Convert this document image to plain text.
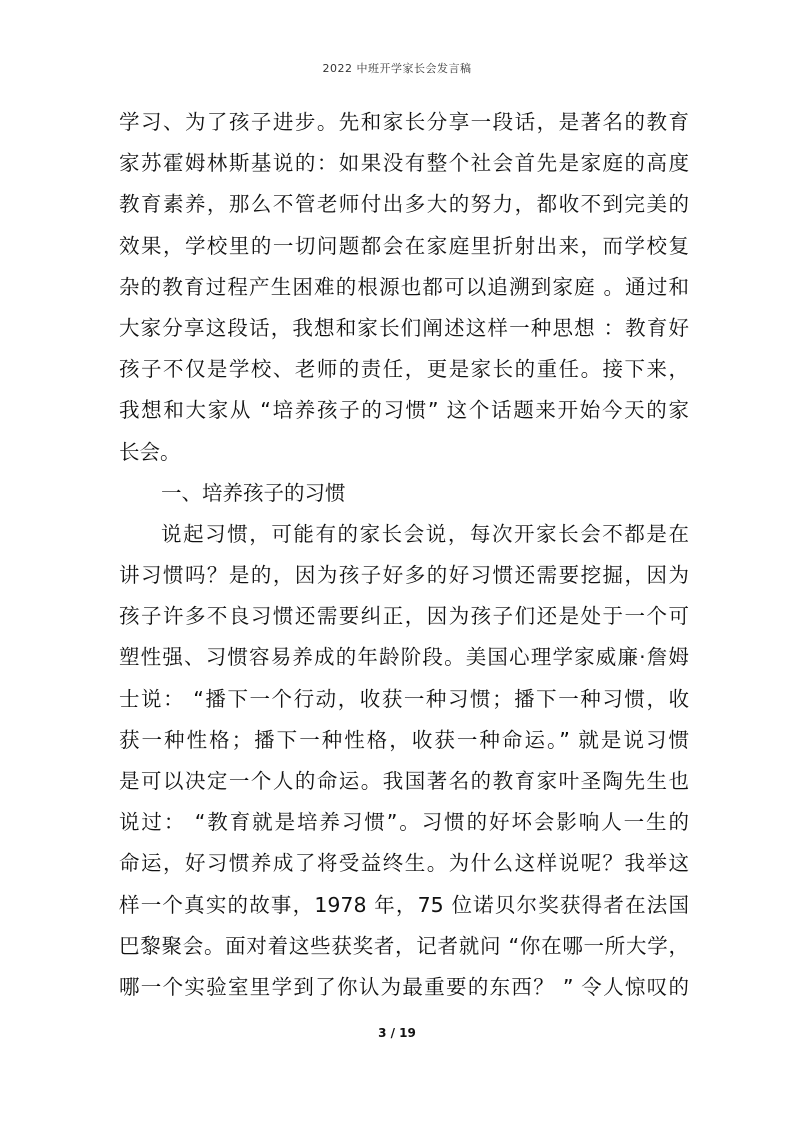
2022 中班开学家长会发言稿
学习、为了孩子进步。先和家长分享一段话，是著名的教育
家苏霍姆林斯基说的：如果没有整个社会首先是家庭的高度
教育素养，那么不管老师付出多大的努力，都收不到完美的
效果，学校里的一切问题都会在家庭里折射出来，而学校复
杂的教育过程产生困难的根源也都可以追溯到家庭 。通过和
大家分享这段话，我想和家长们阐述这样一种思想 ：教育好
孩子不仅是学校、老师的责任，更是家长的重任。接下来，
我想和大家从 “培养孩子的习惯” 这个话题来开始今天的家
长会。
一、培养孩子的习惯
说起习惯，可能有的家长会说，每次开家长会不都是在
讲习惯吗？是的，因为孩子好多的好习惯还需要挖掘，因为
孩子许多不良习惯还需要纠正，因为孩子们还是处于一个可
塑性强、习惯容易养成的年龄阶段。美国心理学家威廉·詹姆
士说： “播下一个行动，收获一种习惯；播下一种习惯，收
获一种性格；播下一种性格，收获一种命运。” 就是说习惯
是可以决定一个人的命运。我国著名的教育家叶圣陶先生也
说过： “教育就是培养习惯”。习惯的好坏会影响人一生的
命运，好习惯养成了将受益终生。为什么这样说呢？我举这
样一个真实的故事，1978 年，75 位诺贝尔奖获得者在法国
巴黎聚会。面对着这些获奖者，记者就问 “你在哪一所大学，
哪一个实验室里学到了你认为最重要的东西？ ” 令人惊叹的
3 / 19
